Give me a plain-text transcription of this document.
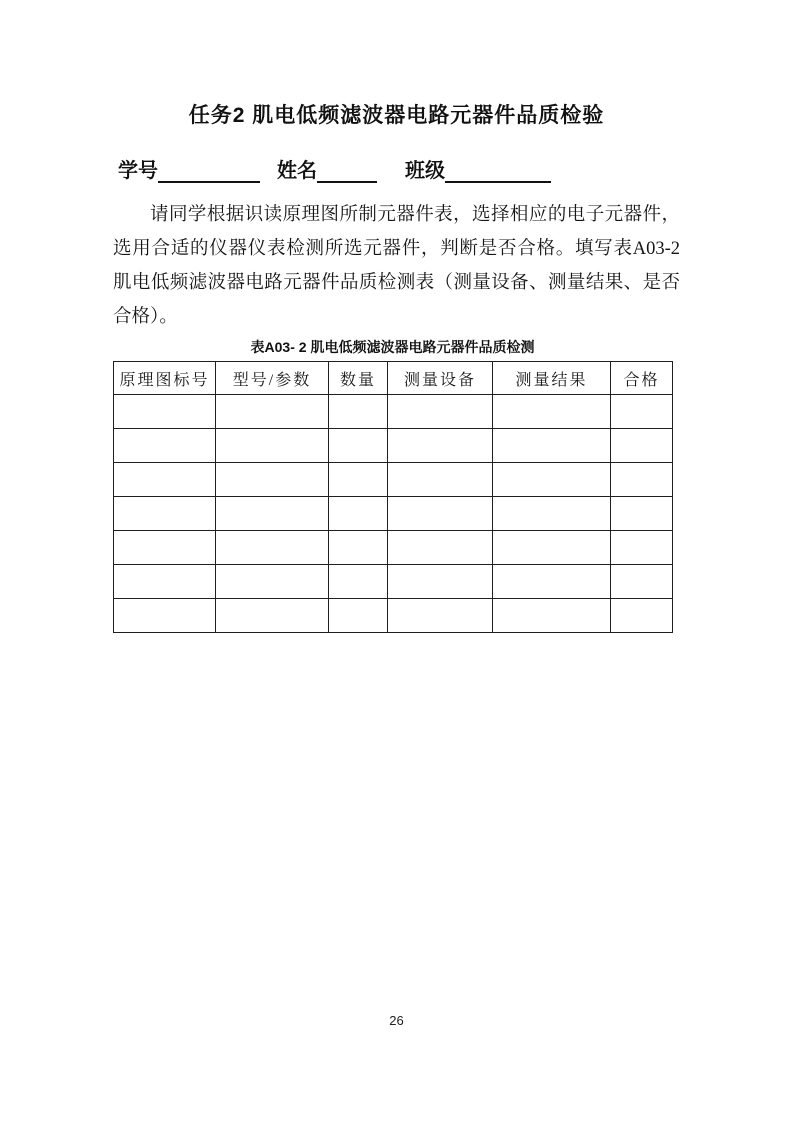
任务2 肌电低频滤波器电路元器件品质检验
学号	姓名	班级
请同学根据识读原理图所制元器件表，选择相应的电子元器件，
选用合适的仪器仪表检测所选元器件，判断是否合格。填写表A03-2
肌电低频滤波器电路元器件品质检测表（测量设备、测量结果、是否
合格）。
表A03- 2 肌电低频滤波器电路元器件品质检测
原理图标号	型号/参数	数量	测量设备	测量结果	合格

26
